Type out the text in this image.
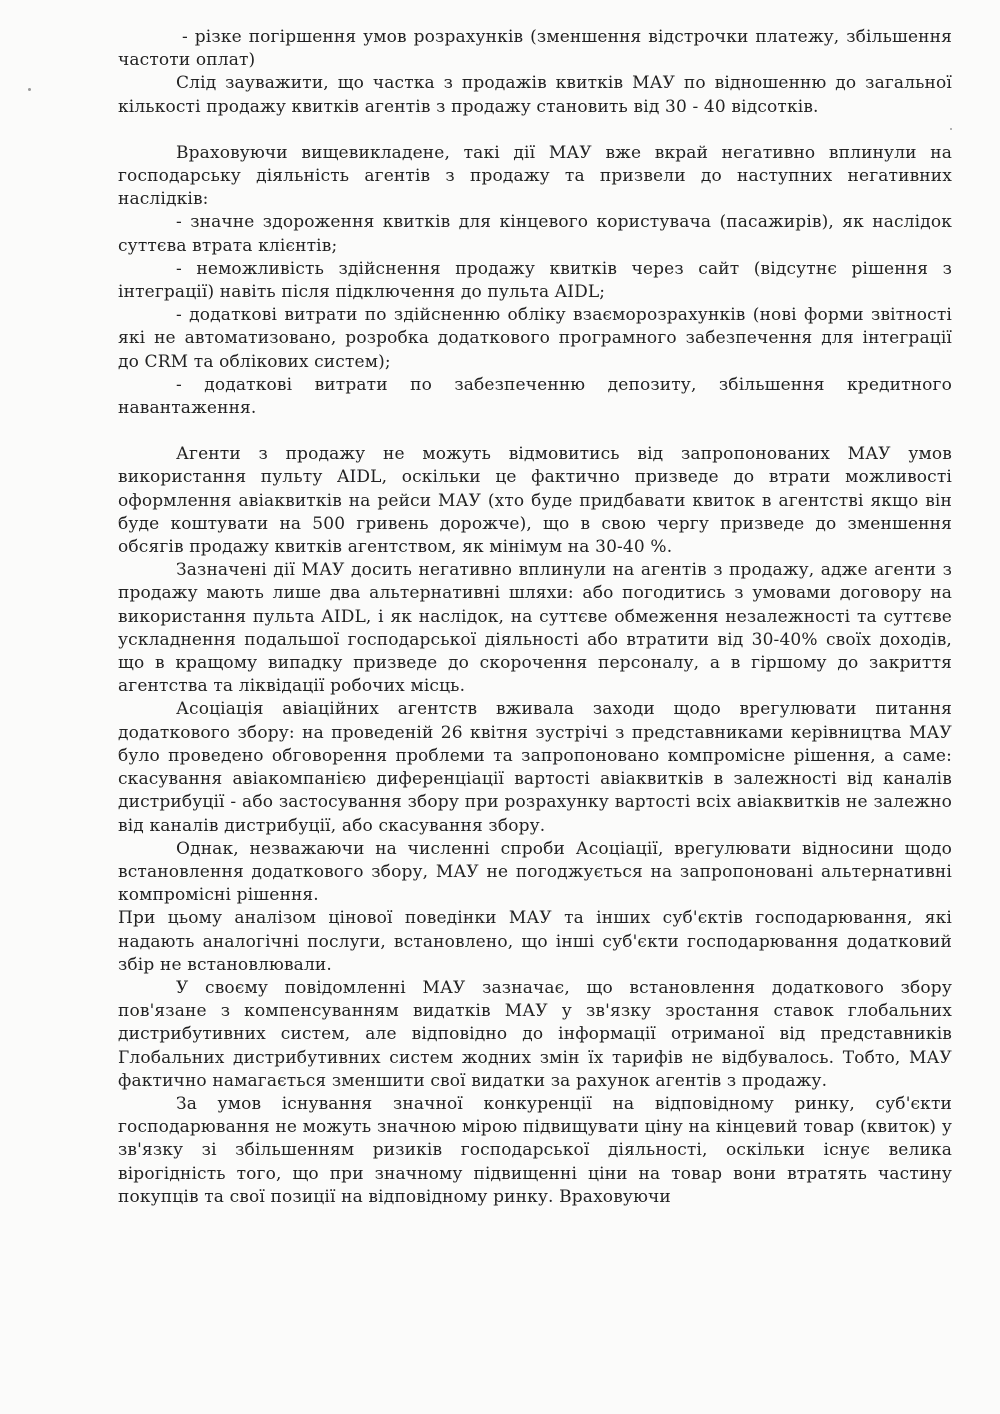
- різке погіршення умов розрахунків (зменшення відстрочки платежу, збільшення частоти оплат)

Слід зауважити, що частка з продажів квитків МАУ по відношенню до загальної кількості продажу квитків агентів з продажу становить від 30 - 40 відсотків.

Враховуючи вищевикладене, такі дії МАУ вже вкрай негативно вплинули на господарську діяльність агентів з продажу та призвели до наступних негативних наслідків:

- значне здороження квитків для кінцевого користувача (пасажирів), як наслідок суттєва втрата клієнтів;

- неможливість здійснення продажу квитків через сайт (відсутнє рішення з інтеграції) навіть після підключення до пульта AIDL;

- додаткові витрати по здійсненню обліку взаєморозрахунків (нові форми звітності які не автоматизовано, розробка додаткового програмного забезпечення для інтеграції до CRM та облікових систем);

- додаткові витрати по забезпеченню депозиту, збільшення кредитного навантаження.

Агенти з продажу не можуть відмовитись від запропонованих МАУ умов використання пульту AIDL, оскільки це фактично призведе до втрати можливості оформлення авіаквитків на рейси МАУ (хто буде придбавати квиток в агентстві якщо він буде коштувати на 500 гривень дорожче), що в свою чергу призведе до зменшення обсягів продажу квитків агентством, як мінімум на 30-40 %.

Зазначені дії МАУ досить негативно вплинули на агентів з продажу, адже агенти з продажу мають лише два альтернативні шляхи: або погодитись з умовами договору на використання пульта AIDL, і як наслідок, на суттєве обмеження незалежності та суттєве ускладнення подальшої господарської діяльності або втратити від 30-40% своїх доходів, що в кращому випадку призведе до скорочення персоналу, а в гіршому до закриття агентства та ліквідації робочих місць.

Асоціація авіаційних агентств вживала заходи щодо врегулювати питання додаткового збору: на проведеній 26 квітня зустрічі з представниками керівництва МАУ було проведено обговорення проблеми та запропоновано компромісне рішення, а саме: скасування авіакомпанією диференціації вартості авіаквитків в залежності від каналів дистрибуції - або застосування збору при розрахунку вартості всіх авіаквитків не залежно від каналів дистрибуції, або скасування збору.

Однак, незважаючи на численні спроби Асоціації, врегулювати відносини щодо встановлення додаткового збору, МАУ не погоджується на запропоновані альтернативні компромісні рішення.

При цьому аналізом цінової поведінки МАУ та інших суб'єктів господарювання, які надають аналогічні послуги, встановлено, що інші суб'єкти господарювання додатковий збір не встановлювали.

У своєму повідомленні МАУ зазначає, що встановлення додаткового збору пов'язане з компенсуванням видатків МАУ у зв'язку зростання ставок глобальних дистрибутивних систем, але відповідно до інформації отриманої від представників Глобальних дистрибутивних систем жодних змін їх тарифів не відбувалось. Тобто, МАУ фактично намагається зменшити свої видатки за рахунок агентів з продажу.

За умов існування значної конкуренції на відповідному ринку, суб'єкти господарювання не можуть значною мірою підвищувати ціну на кінцевий товар (квиток) у зв'язку зі збільшенням ризиків господарської діяльності, оскільки існує велика вірогідність того, що при значному підвищенні ціни на товар вони втратять частину покупців та свої позиції на відповідному ринку. Враховуючи
